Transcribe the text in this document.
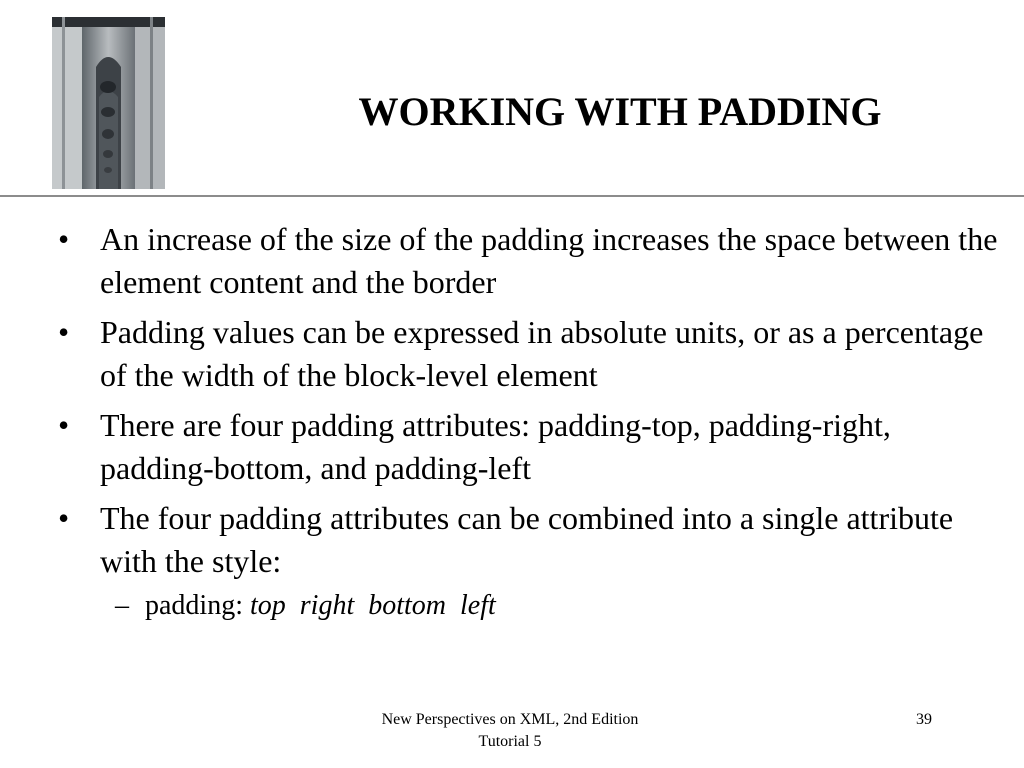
WORKING WITH PADDING
• An increase of the size of the padding increases the space between the element content and the border
• Padding values can be expressed in absolute units, or as a percentage of the width of the block-level element
• There are four padding attributes: padding-top, padding-right, padding-bottom, and padding-left
• The four padding attributes can be combined into a single attribute with the style:
– padding: top  right  bottom  left
New Perspectives on XML, 2nd Edition
Tutorial 5
39
